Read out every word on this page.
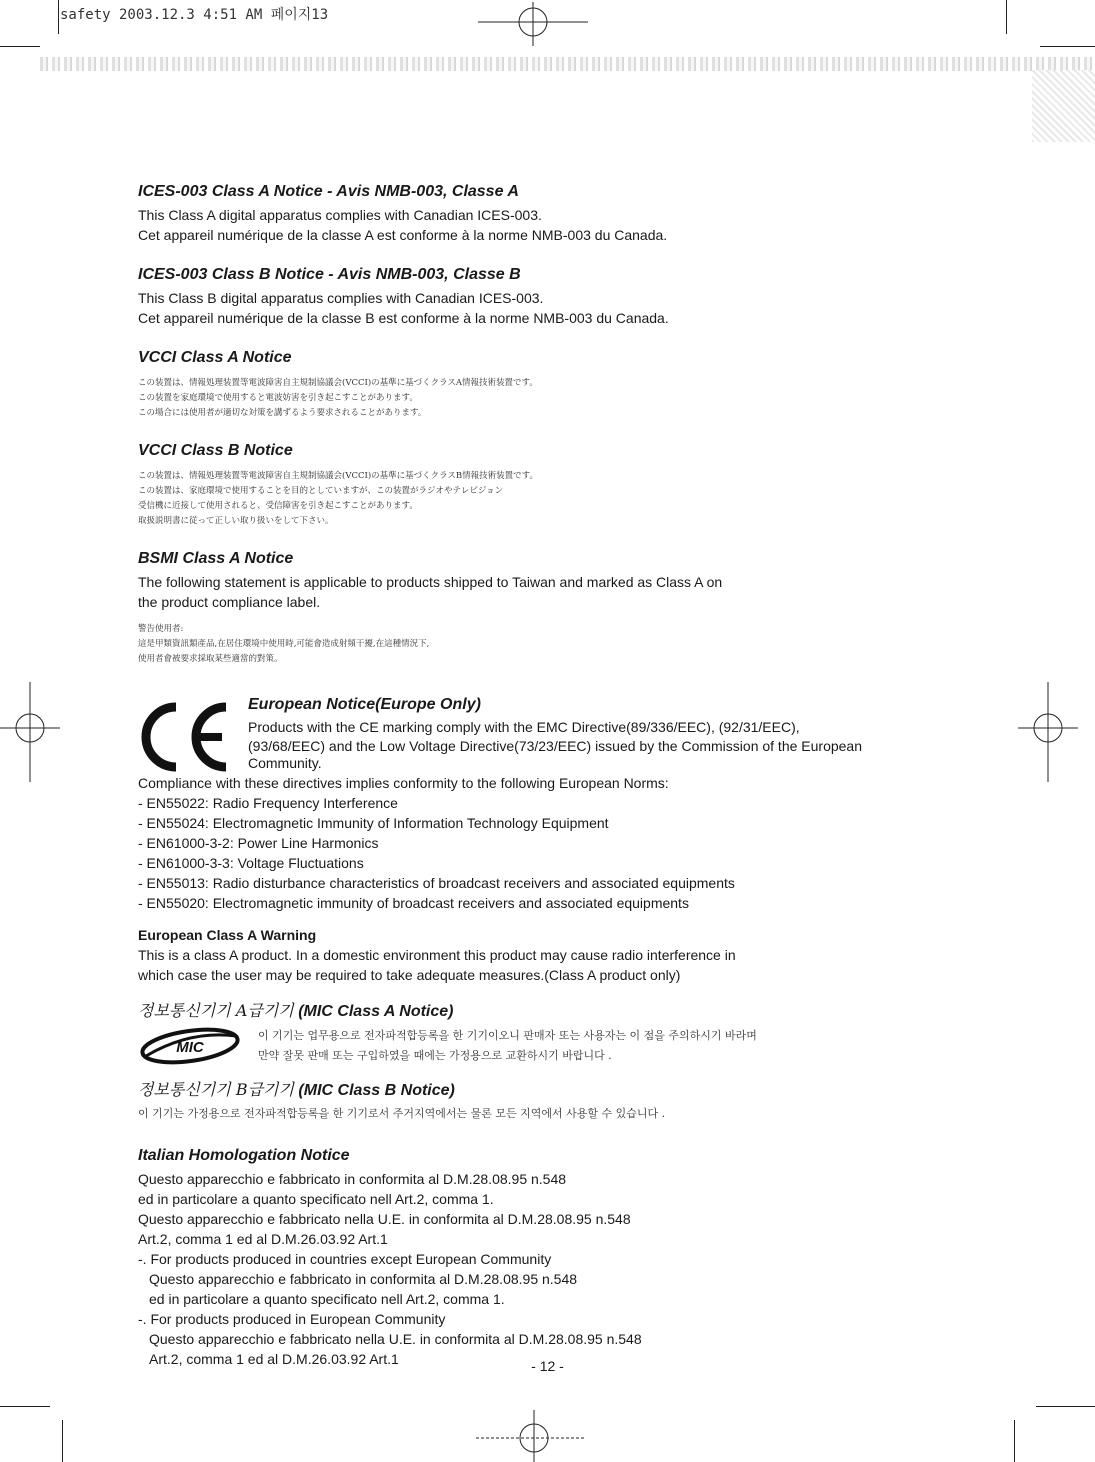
safety 2003.12.3 4:51 AM 페이지13
ICES-003 Class A Notice - Avis NMB-003, Classe A

This Class A digital apparatus complies with Canadian ICES-003.

Cet appareil numérique de la classe A est conforme à la norme NMB-003 du Canada.

ICES-003 Class B Notice - Avis NMB-003, Classe B

This Class B digital apparatus complies with Canadian ICES-003.

Cet appareil numérique de la classe B est conforme à la norme NMB-003 du Canada.

VCCI Class A Notice

この装置は、情報処理装置等電波障害自主規制協議会(VCCI)の基準に基づくクラスA情報技術装置です。

この装置を家庭環境で使用すると電波妨害を引き起こすことがあります。

この場合には使用者が適切な対策を講ずるよう要求されることがあります。

VCCI Class B Notice

この装置は、情報処理装置等電波障害自主規制協議会(VCCI)の基準に基づくクラスB情報技術装置です。

この装置は、家庭環境で使用することを目的としていますが、この装置がラジオやテレビジョン

受信機に近接して使用されると、受信障害を引き起こすことがあります。

取扱説明書に従って正しい取り扱いをして下さい。

BSMI Class A Notice

The following statement is applicable to products shipped to Taiwan and marked as Class A on

the product compliance label.

警告使用者:

這是甲類資訊類產品,在居住環境中使用時,可能會造成射頻干擾,在這種情況下,

使用者會被要求採取某些適當的對策。

European Notice(Europe Only)

Products with the CE marking comply with the EMC Directive(89/336/EEC), (92/31/EEC),

(93/68/EEC) and the Low Voltage Directive(73/23/EEC) issued by the Commission of the European

Community.

Compliance with these directives implies conformity to the following European Norms:

- EN55022: Radio Frequency Interference

- EN55024: Electromagnetic Immunity of Information Technology Equipment

- EN61000-3-2: Power Line Harmonics

- EN61000-3-3: Voltage Fluctuations

- EN55013: Radio disturbance characteristics of broadcast receivers and associated equipments

- EN55020: Electromagnetic immunity of broadcast receivers and associated equipments

European Class A Warning

This is a class A product. In a domestic environment this product may cause radio interference in

which case the user may be required to take adequate measures.(Class A product only)

정보통신기기 A급기기 (MIC Class A Notice)
MIC

이 기기는 업무용으로 전자파적합등록을 한 기기이오니 판매자 또는 사용자는 이 점을 주의하시기 바라며

만약 잘못 판매 또는 구입하였을 때에는 가정용으로 교환하시기 바랍니다 .

정보통신기기 B급기기 (MIC Class B Notice)

이 기기는 가정용으로 전자파적합등록을 한 기기로서 주거지역에서는 물론 모든 지역에서 사용할 수 있습니다 .

Italian Homologation Notice

Questo apparecchio e fabbricato in conformita al D.M.28.08.95 n.548

ed in particolare a quanto specificato nell Art.2, comma 1.

Questo apparecchio e fabbricato nella U.E. in conformita al D.M.28.08.95 n.548

Art.2, comma 1 ed al D.M.26.03.92 Art.1

-. For products produced in countries except European Community

Questo apparecchio e fabbricato in conformita al D.M.28.08.95 n.548

ed in particolare a quanto specificato nell Art.2, comma 1.

-. For products produced in European Community

Questo apparecchio e fabbricato nella U.E. in conformita al D.M.28.08.95 n.548

Art.2, comma 1 ed al D.M.26.03.92 Art.1	- 12 -
